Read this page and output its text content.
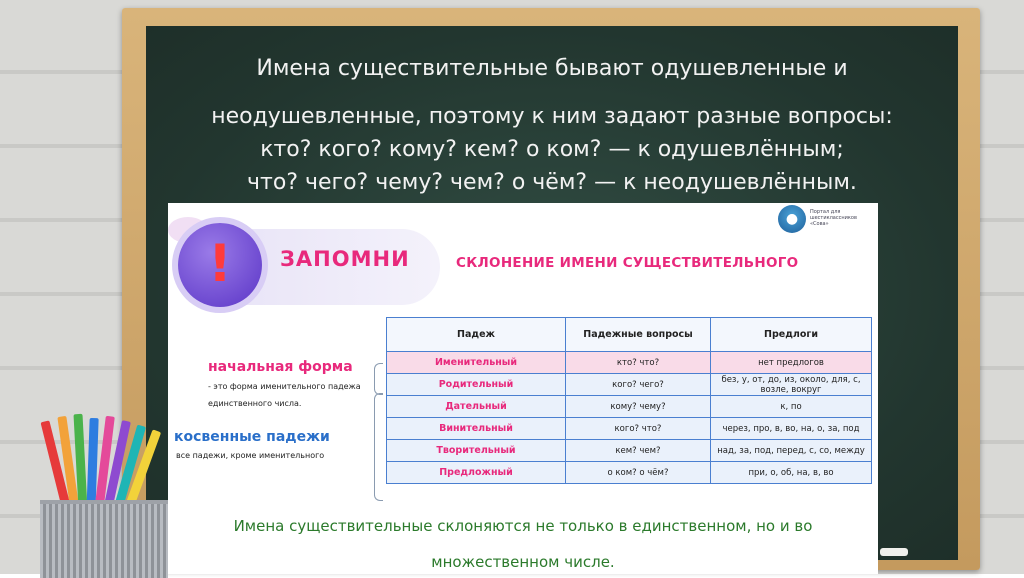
Имена существительные бывают одушевленные и
неодушевленные, поэтому к ним задают разные вопросы:
кто? кого? кому? кем? о ком? — к одушевлённым;
что? чего? чему? чем? о чём? — к неодушевлённым.
! ЗАПОМНИ	СКЛОНЕНИЕ ИМЕНИ СУЩЕСТВИТЕЛЬНОГО
●	Портал для шестиклассников «Сова»
начальная форма
- это форма именительного падежа
единственного числа.
косвенные падежи
все падежи, кроме именительного
Падеж	Падежные вопросы	Предлоги
Именительный	кто? что?	нет предлогов
Родительный	кого? чего?	без, у, от, до, из, около, для, с, возле, вокруг
Дательный	кому? чему?	к, по
Винительный	кого? что?	через, про, в, во, на, о, за, под
Творительный	кем? чем?	над, за, под, перед, с, со, между
Предложный	о ком? о чём?	при, о, об, на, в, во
Имена существительные склоняются не только в единственном, но и во
множественном числе.
